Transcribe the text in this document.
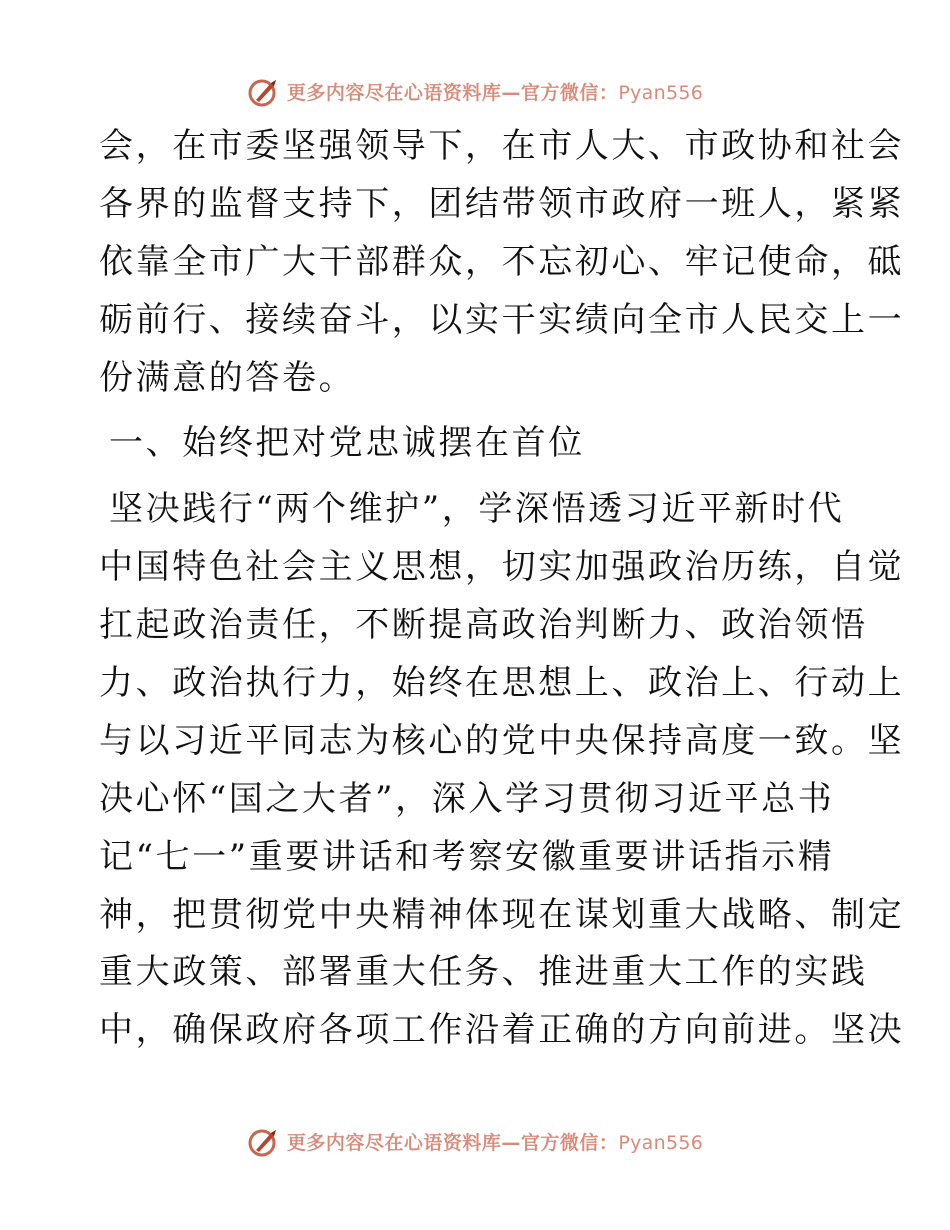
更多内容尽在心语资料库—官方微信：Pyan556
会，在市委坚强领导下，在市人大、市政协和社会
各界的监督支持下，团结带领市政府一班人，紧紧
依靠全市广大干部群众，不忘初心、牢记使命，砥
砺前行、接续奋斗，以实干实绩向全市人民交上一
份满意的答卷。
一、始终把对党忠诚摆在首位
坚决践行“两个维护”，学深悟透习近平新时代
中国特色社会主义思想，切实加强政治历练，自觉
扛起政治责任，不断提高政治判断力、政治领悟
力、政治执行力，始终在思想上、政治上、行动上
与以习近平同志为核心的党中央保持高度一致。坚
决心怀“国之大者”，深入学习贯彻习近平总书
记“七一”重要讲话和考察安徽重要讲话指示精
神，把贯彻党中央精神体现在谋划重大战略、制定
重大政策、部署重大任务、推进重大工作的实践
中，确保政府各项工作沿着正确的方向前进。坚决
更多内容尽在心语资料库—官方微信：Pyan556
